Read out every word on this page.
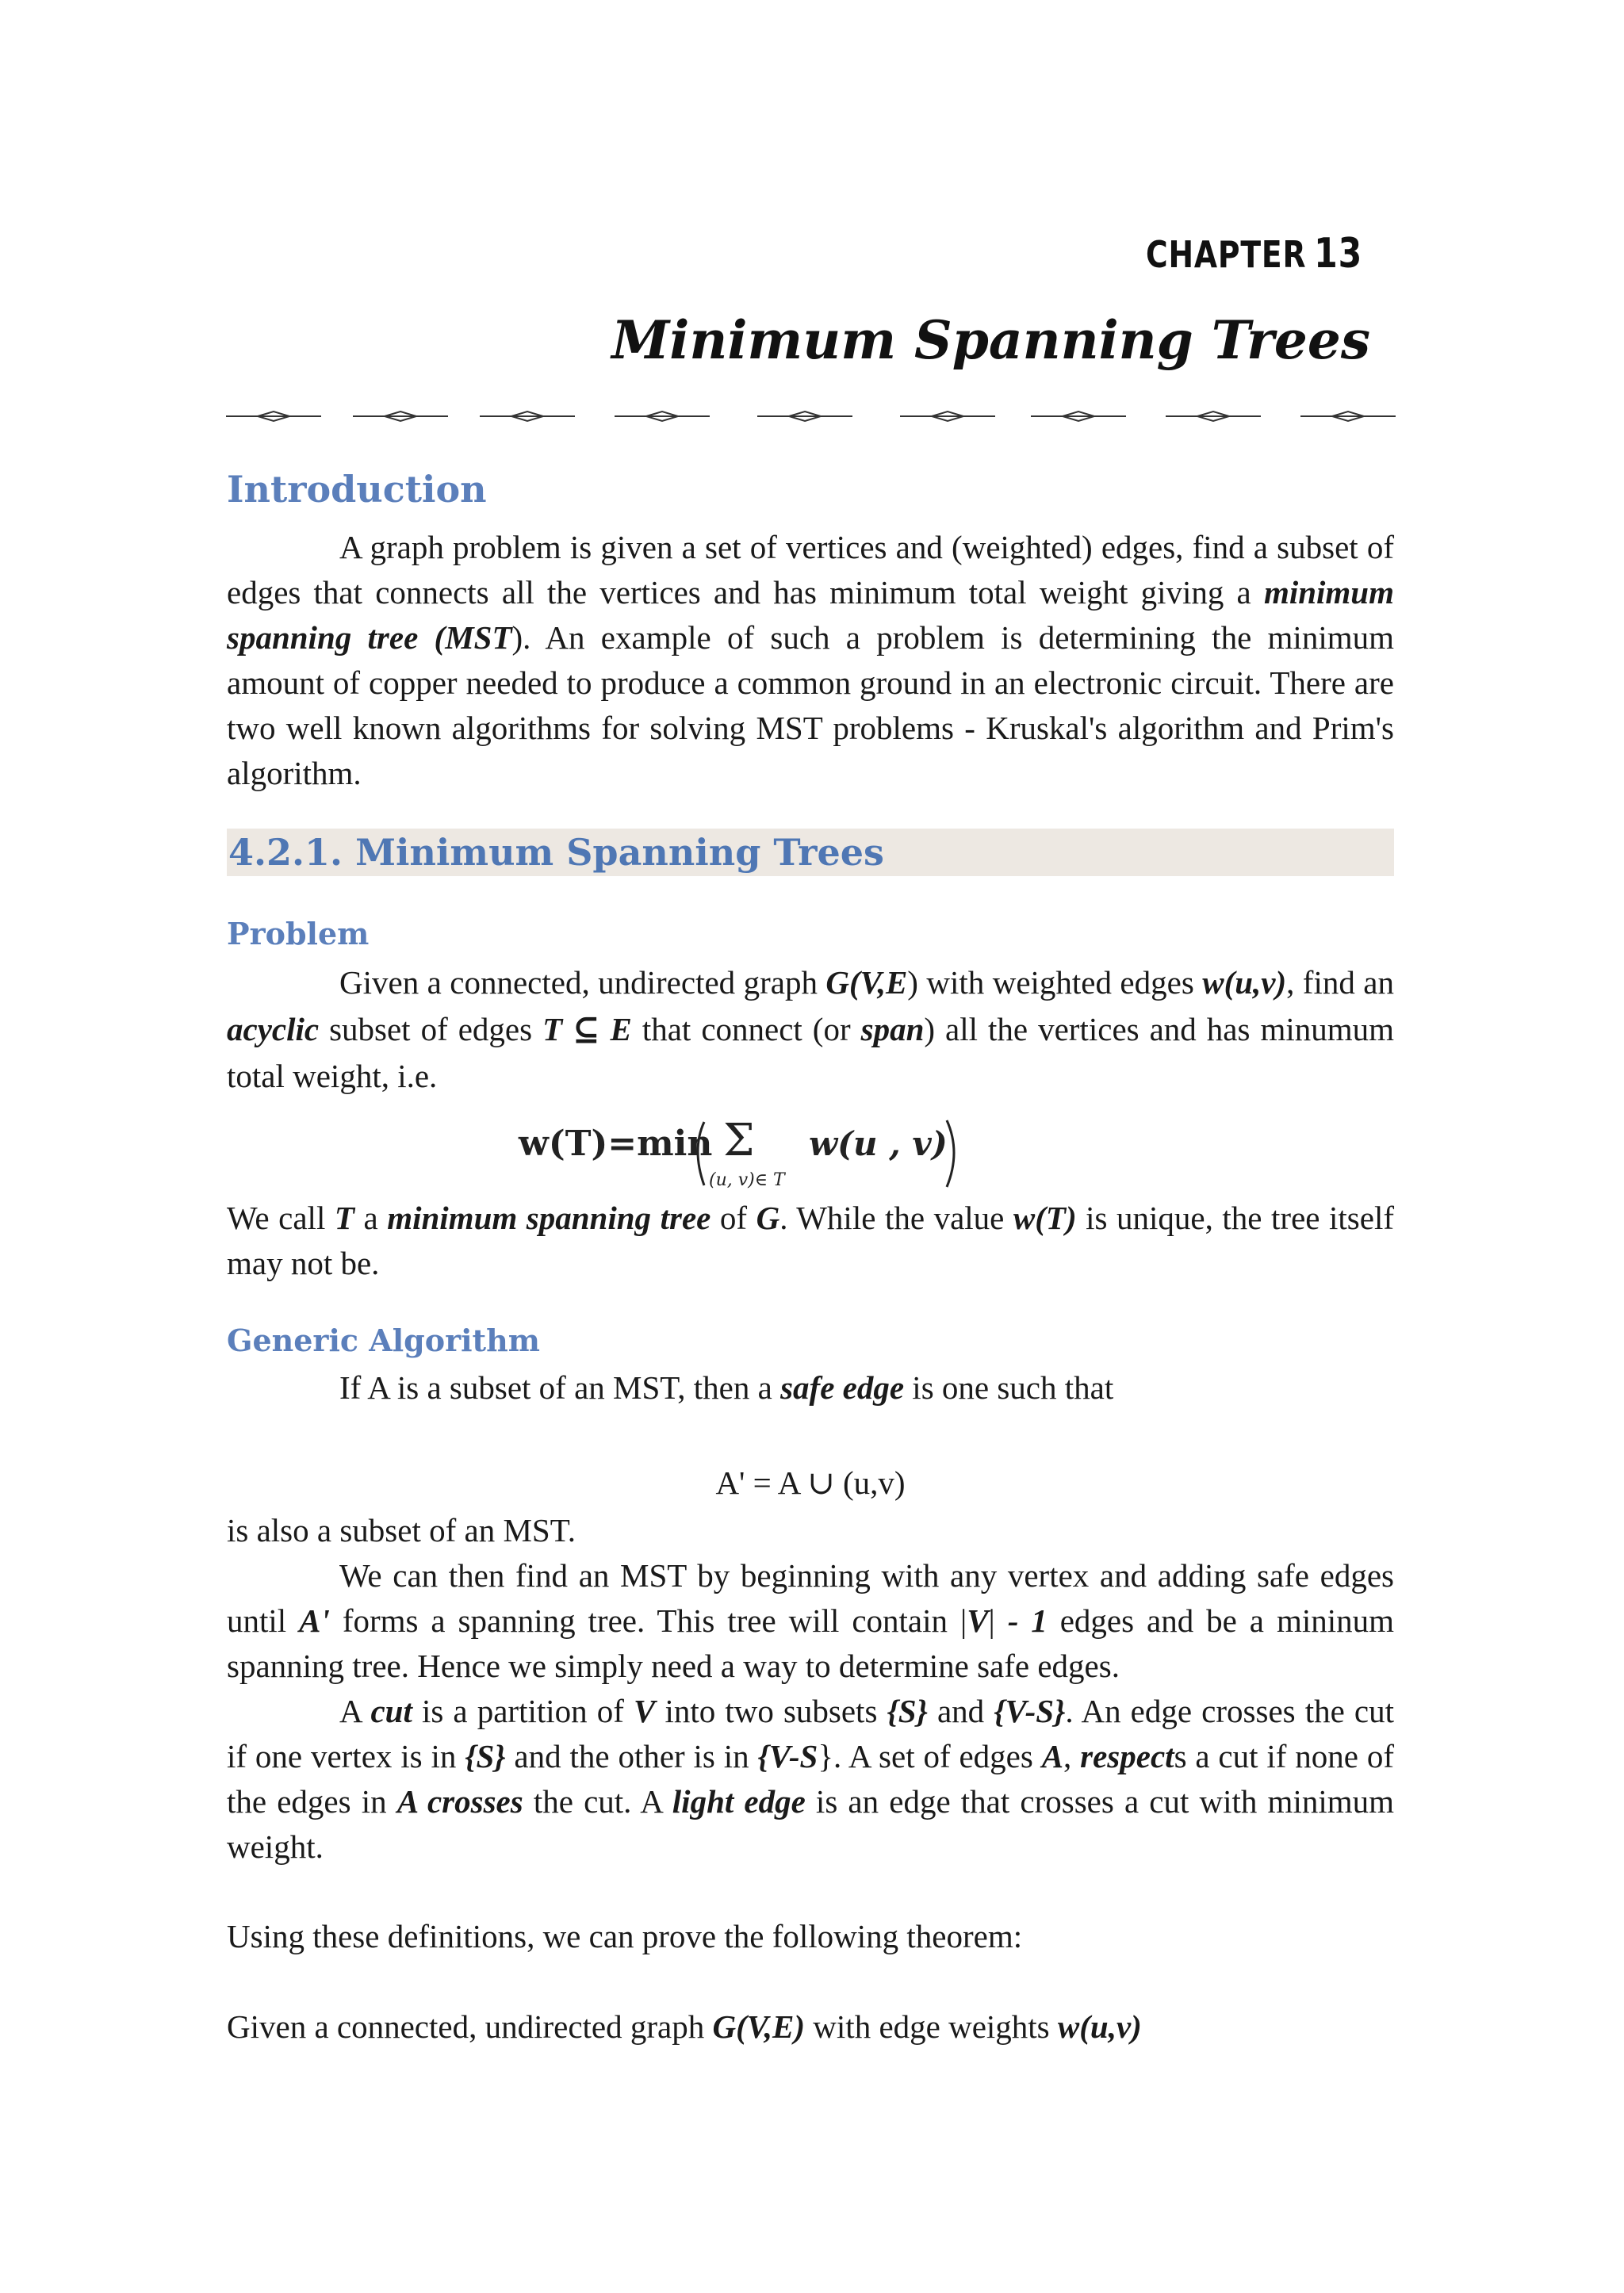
CHAPTER 13
Minimum Spanning Trees
Introduction

A graph problem is given a set of vertices and (weighted) edges, find a subset of edges that connects all the vertices and has minimum total weight giving a minimum spanning tree (MST). An example of such a problem is determining the minimum amount of copper needed to produce a common ground in an electronic circuit. There are two well known algorithms for solving MST problems - Kruskal's algorithm and Prim's algorithm.

4.2.1. Minimum Spanning Trees
Problem

Given a connected, undirected graph G(V,E) with weighted edges w(u,v), find an acyclic subset of edges T ⊆ E that connect (or span) all the vertices and has minumum total weight, i.e.

w(T)=min Σ
(u, v)∈ T
w(u , v)

We call T a minimum spanning tree of G. While the value w(T) is unique, the tree itself may not be.

Generic Algorithm

If A is a subset of an MST, then a safe edge is one such that

A' = A ∪ (u,v)

is also a subset of an MST.

We can then find an MST by beginning with any vertex and adding safe edges until A' forms a spanning tree. This tree will contain |V| - 1 edges and be a mininum spanning tree. Hence we simply need a way to determine safe edges.

A cut is a partition of V into two subsets {S} and {V-S}. An edge crosses the cut if one vertex is in {S} and the other is in {V-S}. A set of edges A, respects a cut if none of the edges in A crosses the cut. A light edge is an edge that crosses a cut with minimum weight.

Using these definitions, we can prove the following theorem:

Given a connected, undirected graph G(V,E) with edge weights w(u,v)
